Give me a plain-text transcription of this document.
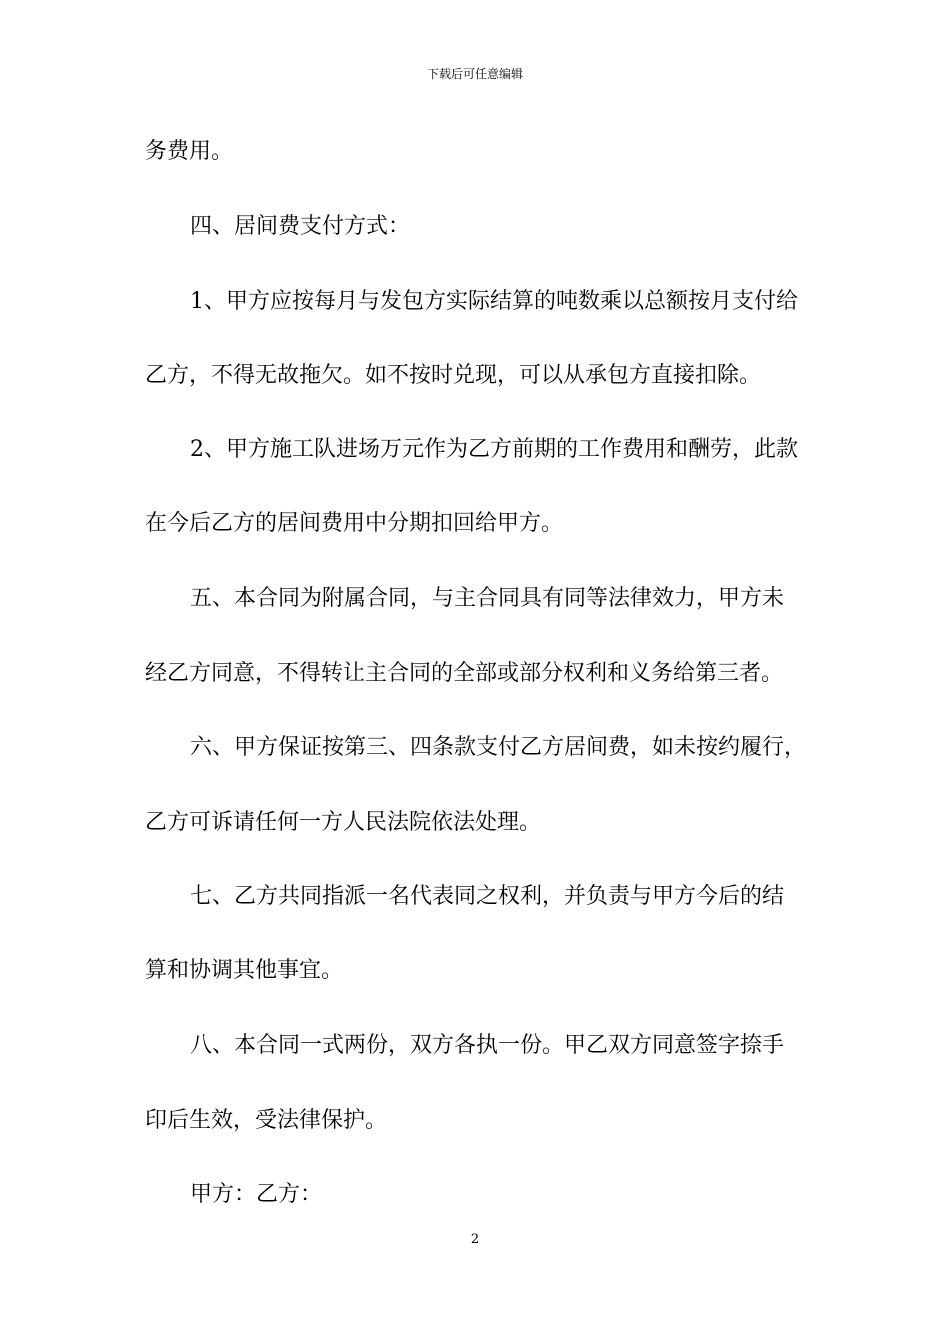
下载后可任意编辑
务费用。
四、居间费支付方式：
1、甲方应按每月与发包方实际结算的吨数乘以总额按月支付给
乙方，不得无故拖欠。如不按时兑现，可以从承包方直接扣除。
2、甲方施工队进场万元作为乙方前期的工作费用和酬劳，此款
在今后乙方的居间费用中分期扣回给甲方。
五、本合同为附属合同，与主合同具有同等法律效力，甲方未
经乙方同意，不得转让主合同的全部或部分权利和义务给第三者。
六、甲方保证按第三、四条款支付乙方居间费，如未按约履行，
乙方可诉请任何一方人民法院依法处理。
七、乙方共同指派一名代表同之权利，并负责与甲方今后的结
算和协调其他事宜。
八、本合同一式两份，双方各执一份。甲乙双方同意签字捺手
印后生效，受法律保护。
甲方：乙方：
2
